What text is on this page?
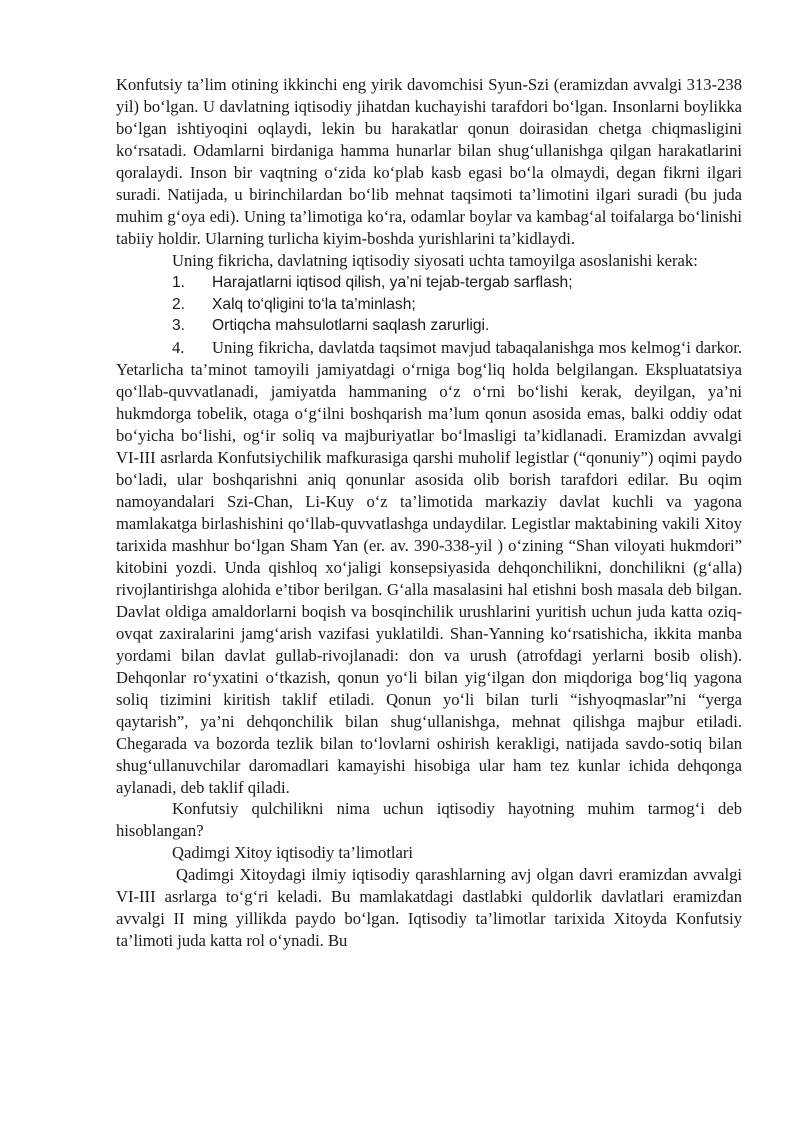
Konfutsiy ta’lim otining ikkinchi eng yirik davomchisi Syun-Szi (eramizdan avvalgi 313-238 yil) bo‘lgan. U davlatning iqtisodiy jihatdan kuchayishi tarafdori bo‘lgan. Insonlarni boylikka bo‘lgan ishtiyoqini oqlaydi, lekin bu harakatlar qonun doirasidan chetga chiqmasligini ko‘rsatadi. Odamlarni birdaniga hamma hunarlar bilan shug‘ullanishga qilgan harakatlarini qoralaydi. Inson bir vaqtning o‘zida ko‘plab kasb egasi bo‘la olmaydi, degan fikrni ilgari suradi. Natijada, u birinchilardan bo‘lib mehnat taqsimoti ta’limotini ilgari suradi (bu juda muhim g‘oya edi). Uning ta’limotiga ko‘ra, odamlar boylar va kambag‘al toifalarga bo‘linishi tabiiy holdir. Ularning turlicha kiyim-boshda yurishlarini ta’kidlaydi.

Uning fikricha, davlatning iqtisodiy siyosati uchta tamoyilga asoslanishi kerak:

1.	Harajatlarni iqtisod qilish, ya’ni tejab-tergab sarflash;
2.	Xalq to‘qligini to‘la ta’minlash;
3.	Ortiqcha mahsulotlarni saqlash zarurligi.

4. Uning fikricha, davlatda taqsimot mavjud tabaqalanishga mos kelmog‘i darkor. Yetarlicha ta’minot tamoyili jamiyatdagi o‘rniga bog‘liq holda belgilangan. Ekspluatatsiya qo‘llab-quvvatlanadi, jamiyatda hammaning o‘z o‘rni bo‘lishi kerak, deyilgan, ya’ni hukmdorga tobelik, otaga o‘g‘ilni boshqarish ma’lum qonun asosida emas, balki oddiy odat bo‘yicha bo‘lishi, og‘ir soliq va majburiyatlar bo‘lmasligi ta’kidlanadi. Eramizdan avvalgi VI-III asrlarda Konfutsiychilik mafkurasiga qarshi muholif legistlar (“qonuniy”) oqimi paydo bo‘ladi, ular boshqarishni aniq qonunlar asosida olib borish tarafdori edilar. Bu oqim namoyandalari Szi-Chan, Li-Kuy o‘z ta’limotida markaziy davlat kuchli va yagona mamlakatga birlashishini qo‘llab-quvvatlashga undaydilar. Legistlar maktabining vakili Xitoy tarixida mashhur bo‘lgan Sham Yan (er. av. 390-338-yil ) o‘zining “Shan viloyati hukmdori” kitobini yozdi. Unda qishloq xo‘jaligi konsepsiyasida dehqonchilikni, donchilikni (g‘alla) rivojlantirishga alohida e’tibor berilgan. G‘alla masalasini hal etishni bosh masala deb bilgan. Davlat oldiga amaldorlarni boqish va bosqinchilik urushlarini yuritish uchun juda katta oziq-ovqat zaxiralarini jamg‘arish vazifasi yuklatildi. Shan-Yanning ko‘rsatishicha, ikkita manba yordami bilan davlat gullab-rivojlanadi: don va urush (atrofdagi yerlarni bosib olish). Dehqonlar ro‘yxatini o‘tkazish, qonun yo‘li bilan yig‘ilgan don miqdoriga bog‘liq yagona soliq tizimini kiritish taklif etiladi. Qonun yo‘li bilan turli “ishyoqmaslar”ni “yerga qaytarish”, ya’ni dehqonchilik bilan shug‘ullanishga, mehnat qilishga majbur etiladi. Chegarada va bozorda tezlik bilan to‘lovlarni oshirish kerakligi, natijada savdo-sotiq bilan shug‘ullanuvchilar daromadlari kamayishi hisobiga ular ham tez kunlar ichida dehqonga aylanadi, deb taklif qiladi.

Konfutsiy qulchilikni nima uchun iqtisodiy hayotning muhim tarmog‘i deb hisoblangan?

Qadimgi Xitoy iqtisodiy ta’limotlari

Qadimgi Xitoydagi ilmiy iqtisodiy qarashlarning avj olgan davri eramizdan avvalgi VI-III asrlarga to‘g‘ri keladi. Bu mamlakatdagi dastlabki quldorlik davlatlari eramizdan avvalgi II ming yillikda paydo bo‘lgan. Iqtisodiy ta’limotlar tarixida Xitoyda Konfutsiy ta’limoti juda katta rol o‘ynadi. Bu
